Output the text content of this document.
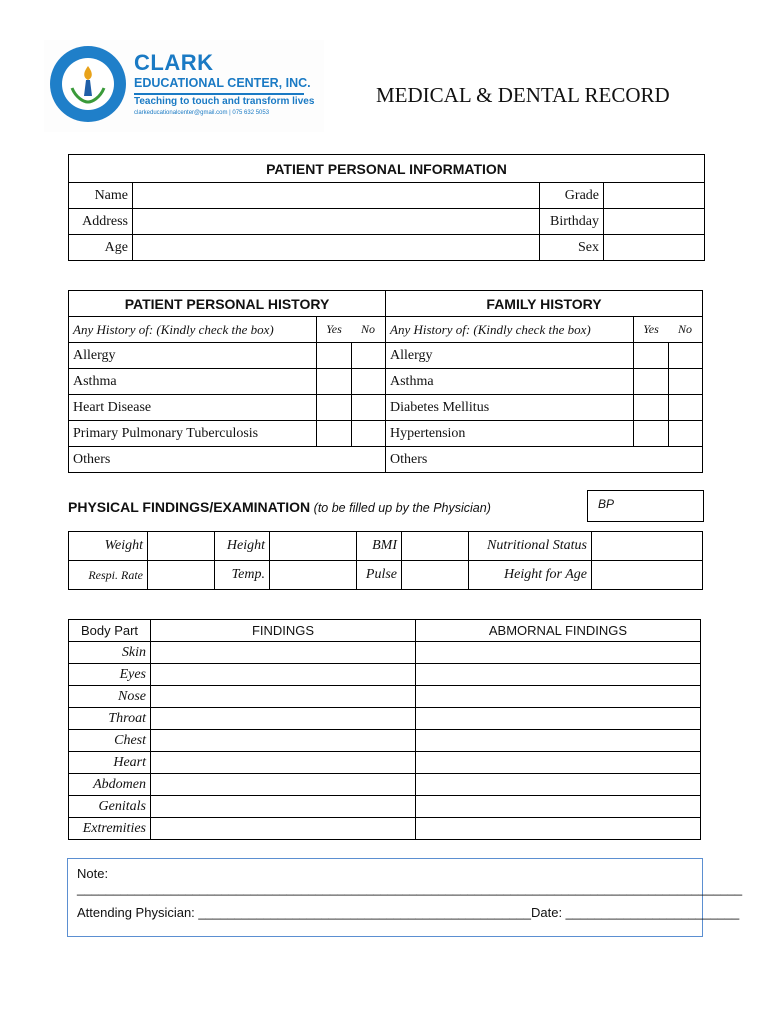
CLARK
EDUCATIONAL CENTER, INC.
Teaching to touch and transform lives
clarkeducationalcenter@gmail.com | 075 632 5053
MEDICAL & DENTAL RECORD
PATIENT PERSONAL INFORMATION			
Name		Grade	
Address		Birthday	
Age		Sex	
PATIENT PERSONAL HISTORY			FAMILY HISTORY		
Any History of: (Kindly check the box)	Yes	No	Any History of: (Kindly check the box)	Yes	No
Allergy			Allergy		
Asthma			Asthma		
Heart Disease			Diabetes Mellitus		
Primary Pulmonary Tuberculosis			Hypertension		
Others			Others		
PHYSICAL FINDINGS/EXAMINATION (to be filled up by the Physician)	BP
Weight		Height		BMI		Nutritional Status	
Respi. Rate		Temp.		Pulse		Height for Age	
Body Part	FINDINGS	ABMORNAL FINDINGS
Skin		
Eyes		
Nose		
Throat		
Chest		
Heart		
Abdomen		
Genitals		
Extremities		
Note: ____________________________________________________________________________________________
Attending Physician: ______________________________________________Date: ________________________
